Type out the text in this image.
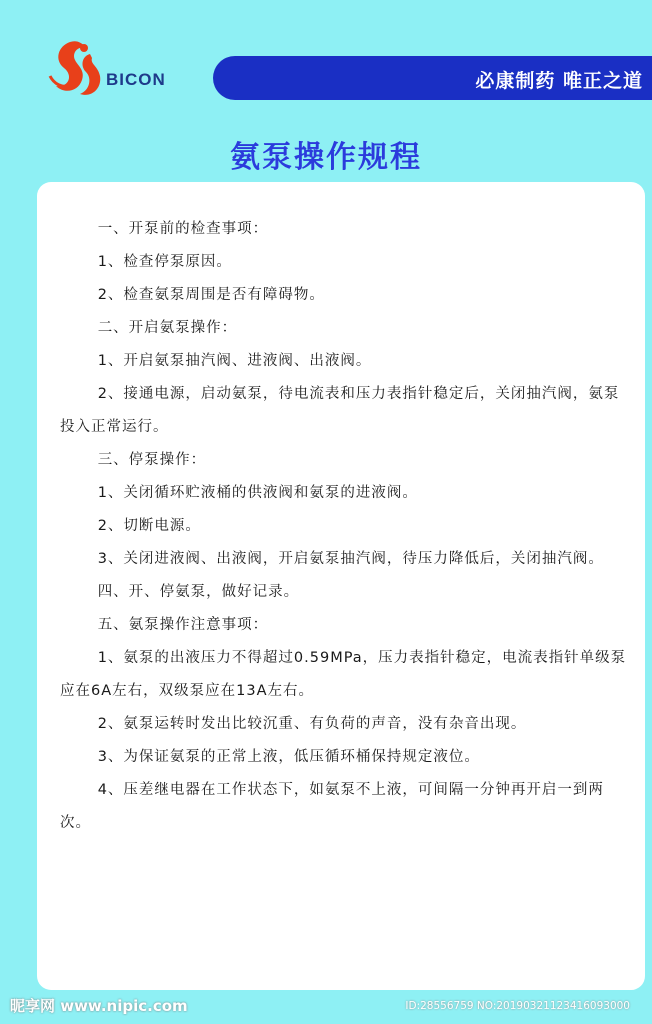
BICON	必康制药 唯正之道
氨泵操作规程

一、开泵前的检查事项：

1、检查停泵原因。

2、检查氨泵周围是否有障碍物。

二、开启氨泵操作：

1、开启氨泵抽汽阀、进液阀、出液阀。

2、接通电源，启动氨泵，待电流表和压力表指针稳定后，关闭抽汽阀，氨泵投入正常运行。

三、停泵操作：

1、关闭循环贮液桶的供液阀和氨泵的进液阀。

2、切断电源。

3、关闭进液阀、出液阀，开启氨泵抽汽阀，待压力降低后，关闭抽汽阀。

四、开、停氨泵，做好记录。

五、氨泵操作注意事项：

1、氨泵的出液压力不得超过0.59MPa，压力表指针稳定，电流表指针单级泵应在6A左右，双级泵应在13A左右。

2、氨泵运转时发出比较沉重、有负荷的声音，没有杂音出现。

3、为保证氨泵的正常上液，低压循环桶保持规定液位。

4、压差继电器在工作状态下，如氨泵不上液，可间隔一分钟再开启一到两次。

昵享网 www.nipic.com	ID:28556759 NO:20190321123416093000
